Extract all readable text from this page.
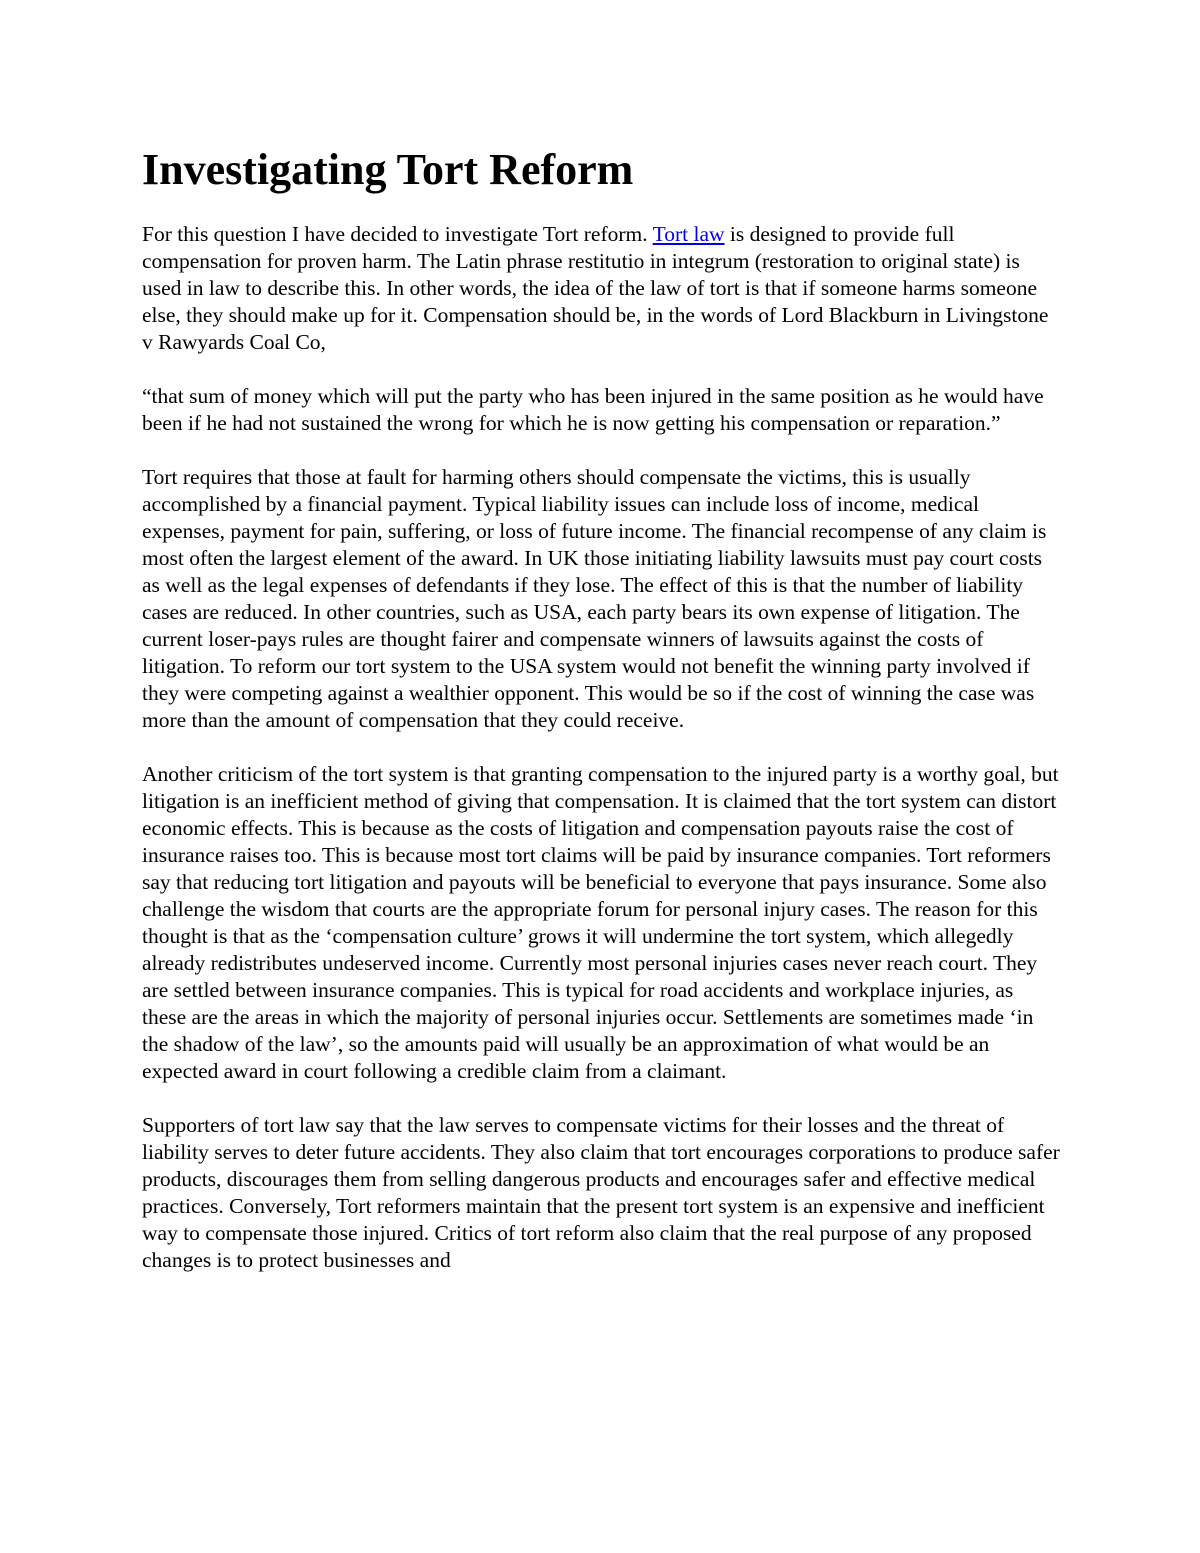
Investigating Tort Reform

For this question I have decided to investigate Tort reform. Tort law is designed to provide full compensation for proven harm. The Latin phrase restitutio in integrum (restoration to original state) is used in law to describe this. In other words, the idea of the law of tort is that if someone harms someone else, they should make up for it. Compensation should be, in the words of Lord Blackburn in Livingstone v Rawyards Coal Co,

“that sum of money which will put the party who has been injured in the same position as he would have been if he had not sustained the wrong for which he is now getting his compensation or reparation.”

Tort requires that those at fault for harming others should compensate the victims, this is usually accomplished by a financial payment. Typical liability issues can include loss of income, medical expenses, payment for pain, suffering, or loss of future income. The financial recompense of any claim is most often the largest element of the award. In UK those initiating liability lawsuits must pay court costs as well as the legal expenses of defendants if they lose. The effect of this is that the number of liability cases are reduced. In other countries, such as USA, each party bears its own expense of litigation. The current loser-pays rules are thought fairer and compensate winners of lawsuits against the costs of litigation. To reform our tort system to the USA system would not benefit the winning party involved if they were competing against a wealthier opponent. This would be so if the cost of winning the case was more than the amount of compensation that they could receive.

Another criticism of the tort system is that granting compensation to the injured party is a worthy goal, but litigation is an inefficient method of giving that compensation. It is claimed that the tort system can distort economic effects. This is because as the costs of litigation and compensation payouts raise the cost of insurance raises too. This is because most tort claims will be paid by insurance companies. Tort reformers say that reducing tort litigation and payouts will be beneficial to everyone that pays insurance. Some also challenge the wisdom that courts are the appropriate forum for personal injury cases. The reason for this thought is that as the ‘compensation culture’ grows it will undermine the tort system, which allegedly already redistributes undeserved income. Currently most personal injuries cases never reach court. They are settled between insurance companies. This is typical for road accidents and workplace injuries, as these are the areas in which the majority of personal injuries occur. Settlements are sometimes made ‘in the shadow of the law’, so the amounts paid will usually be an approximation of what would be an expected award in court following a credible claim from a claimant.

Supporters of tort law say that the law serves to compensate victims for their losses and the threat of liability serves to deter future accidents. They also claim that tort encourages corporations to produce safer products, discourages them from selling dangerous products and encourages safer and effective medical practices. Conversely, Tort reformers maintain that the present tort system is an expensive and inefficient way to compensate those injured. Critics of tort reform also claim that the real purpose of any proposed changes is to protect businesses and
